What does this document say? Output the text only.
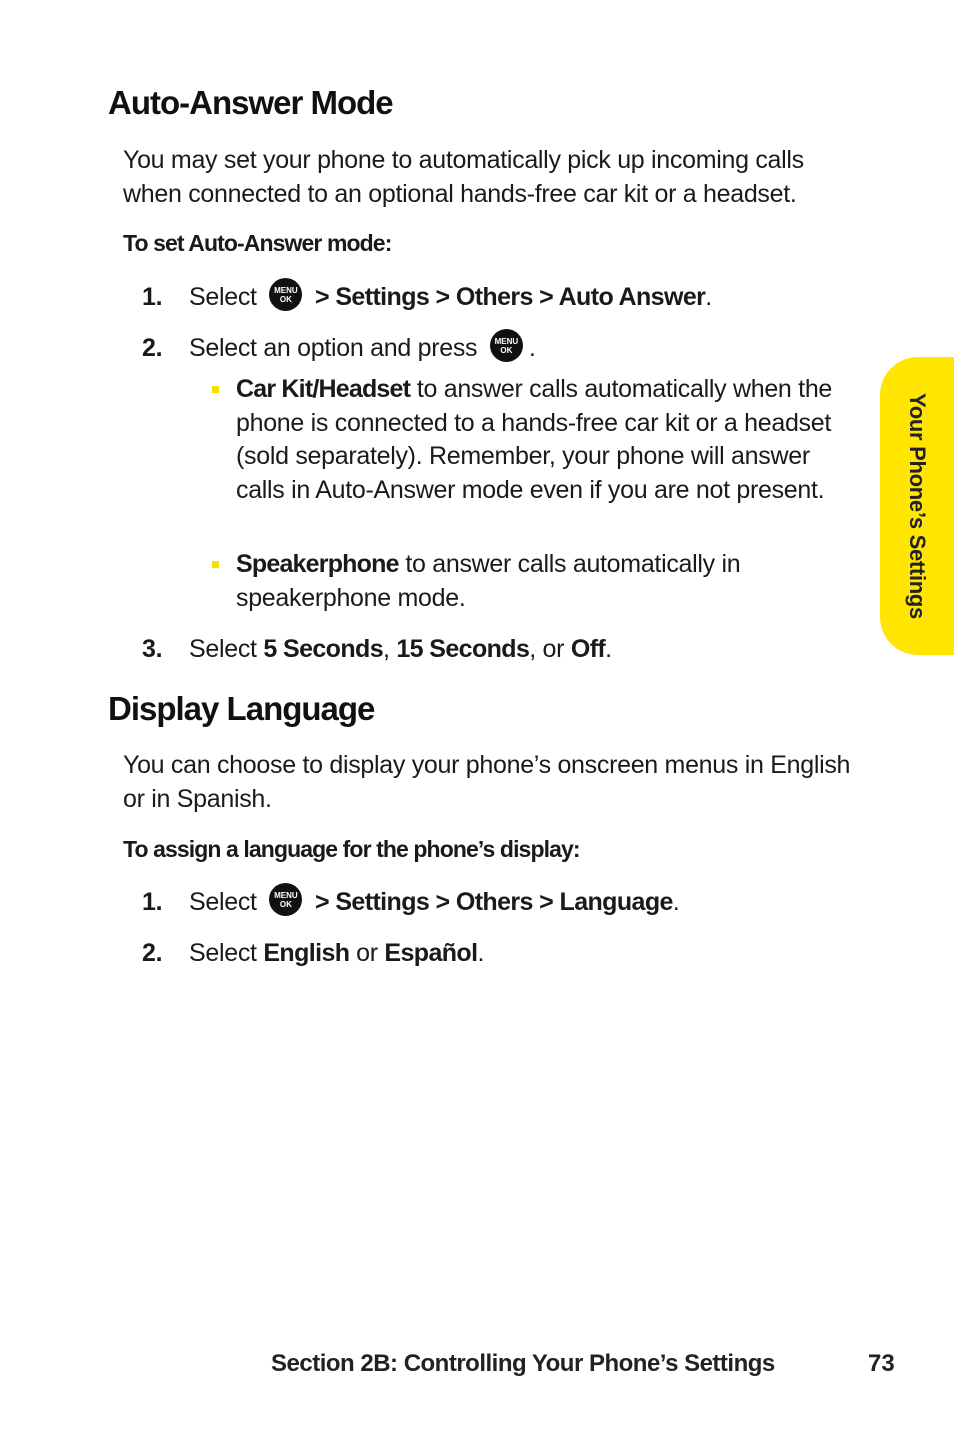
Auto-Answer Mode

You may set your phone to automatically pick up incoming calls when connected to an optional hands-free car kit or a headset.

To set Auto-Answer mode:

1. Select	MENU
OK > Settings > Others > Auto Answer.
2. Select an option and press	MENU
OK .
Car Kit/Headset to answer calls automatically when the phone is connected to a hands-free car kit or a headset (sold separately). Remember, your phone will answer calls in Auto-Answer mode even if you are not present.
Speakerphone to answer calls automatically in speakerphone mode.
3. Select 5 Seconds, 15 Seconds, or Off.
Display Language

You can choose to display your phone’s onscreen menus in English or in Spanish.

To assign a language for the phone’s display:

1. Select	MENU
OK > Settings > Others > Language.
2. Select English or Español.
Your Phone’s Settings
Section 2B: Controlling Your Phone’s Settings	73
